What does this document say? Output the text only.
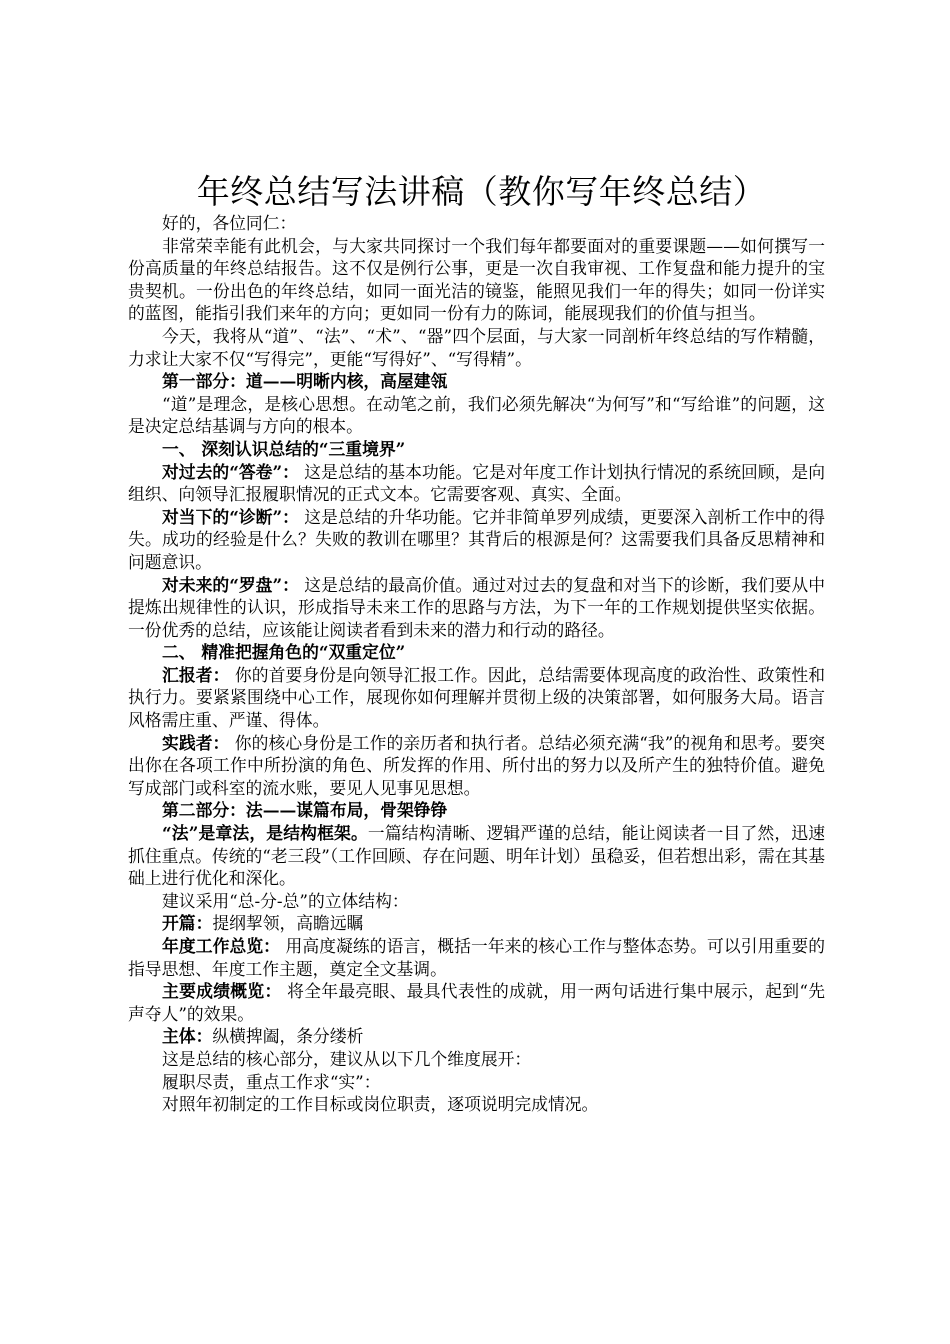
年终总结写法讲稿（教你写年终总结）

好的，各位同仁：

非常荣幸能有此机会，与大家共同探讨一个我们每年都要面对的重要课题——如何撰写一份高质量的年终总结报告。这不仅是例行公事，更是一次自我审视、工作复盘和能力提升的宝贵契机。一份出色的年终总结，如同一面光洁的镜鉴，能照见我们一年的得失；如同一份详实的蓝图，能指引我们来年的方向；更如同一份有力的陈词，能展现我们的价值与担当。

今天，我将从“道”、“法”、“术”、“器”四个层面，与大家一同剖析年终总结的写作精髓，力求让大家不仅“写得完”，更能“写得好”、“写得精”。

第一部分：道——明晰内核，高屋建瓴

“道”是理念，是核心思想。在动笔之前，我们必须先解决“为何写”和“写给谁”的问题，这是决定总结基调与方向的根本。

一、 深刻认识总结的“三重境界”

对过去的“答卷”： 这是总结的基本功能。它是对年度工作计划执行情况的系统回顾，是向组织、向领导汇报履职情况的正式文本。它需要客观、真实、全面。

对当下的“诊断”： 这是总结的升华功能。它并非简单罗列成绩，更要深入剖析工作中的得失。成功的经验是什么？失败的教训在哪里？其背后的根源是何？这需要我们具备反思精神和问题意识。

对未来的“罗盘”： 这是总结的最高价值。通过对过去的复盘和对当下的诊断，我们要从中提炼出规律性的认识，形成指导未来工作的思路与方法，为下一年的工作规划提供坚实依据。一份优秀的总结，应该能让阅读者看到未来的潜力和行动的路径。

二、 精准把握角色的“双重定位”

汇报者： 你的首要身份是向领导汇报工作。因此，总结需要体现高度的政治性、政策性和执行力。要紧紧围绕中心工作，展现你如何理解并贯彻上级的决策部署，如何服务大局。语言风格需庄重、严谨、得体。

实践者： 你的核心身份是工作的亲历者和执行者。总结必须充满“我”的视角和思考。要突出你在各项工作中所扮演的角色、所发挥的作用、所付出的努力以及所产生的独特价值。避免写成部门或科室的流水账，要见人见事见思想。

第二部分：法——谋篇布局，骨架铮铮

“法”是章法，是结构框架。一篇结构清晰、逻辑严谨的总结，能让阅读者一目了然，迅速抓住重点。传统的“老三段”（工作回顾、存在问题、明年计划）虽稳妥，但若想出彩，需在其基础上进行优化和深化。

建议采用“总-分-总”的立体结构：

开篇：提纲挈领，高瞻远瞩

年度工作总览： 用高度凝练的语言，概括一年来的核心工作与整体态势。可以引用重要的指导思想、年度工作主题，奠定全文基调。

主要成绩概览： 将全年最亮眼、最具代表性的成就，用一两句话进行集中展示，起到“先声夺人”的效果。

主体：纵横捭阖，条分缕析

这是总结的核心部分，建议从以下几个维度展开：

履职尽责，重点工作求“实”：

对照年初制定的工作目标或岗位职责，逐项说明完成情况。
